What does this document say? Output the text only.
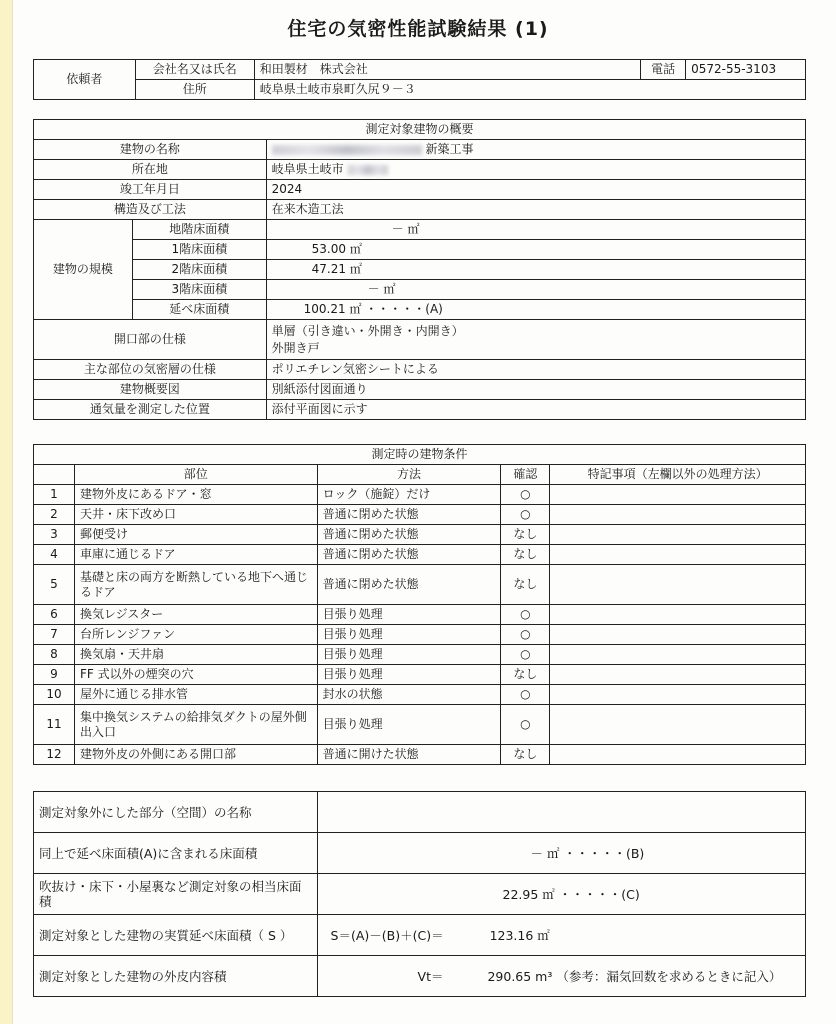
住宅の気密性能試験結果 (1)
依頼者	会社名又は氏名	和田製材　株式会社	電話	0572-55-3103
	住所	岐阜県土岐市泉町久尻９－３		
測定対象建物の概要		
建物の名称		新築工事
所在地		岐阜県土岐市
竣工年月日		2024
構造及び工法		在来木造工法
建物の規模	地階床面積	－ ㎡
	1階床面積	53.00 ㎡
	2階床面積	47.21 ㎡
	3階床面積	－ ㎡
	延べ床面積	100.21 ㎡ ・・・・・(A)
開口部の仕様		単層（引き違い・外開き・内開き）
外開き戸

主な部位の気密層の仕様		ポリエチレン気密シートによる
建物概要図		別紙添付図面通り
通気量を測定した位置		添付平面図に示す
測定時の建物条件				
	部位	方法	確認	特記事項（左欄以外の処理方法）
1	建物外皮にあるドア・窓	ロック（施錠）だけ	○	
2	天井・床下改め口	普通に閉めた状態	○	
3	郵便受け	普通に閉めた状態	なし	
4	車庫に通じるドア	普通に閉めた状態	なし	
5	基礎と床の両方を断熱している地下へ通じるドア	普通に閉めた状態	なし	
6	換気レジスター	目張り処理	○	
7	台所レンジファン	目張り処理	○	
8	換気扇・天井扇	目張り処理	○	
9	FF 式以外の煙突の穴	目張り処理	なし	
10	屋外に通じる排水管	封水の状態	○	
11	集中換気システムの給排気ダクトの屋外側出入口	目張り処理	○	
12	建物外皮の外側にある開口部	普通に開けた状態	なし	
測定対象外にした部分（空間）の名称	
同上で延べ床面積(A)に含まれる床面積	－ ㎡ ・・・・・(B)
吹抜け・床下・小屋裏など測定対象の相当床面積	22.95 ㎡ ・・・・・(C)
測定対象とした建物の実質延べ床面積（ S ）	S＝(A)－(B)＋(C)＝ 123.16 ㎡
測定対象とした建物の外皮内容積	Vt＝ 290.65 m³ （参考：漏気回数を求めるときに記入）
